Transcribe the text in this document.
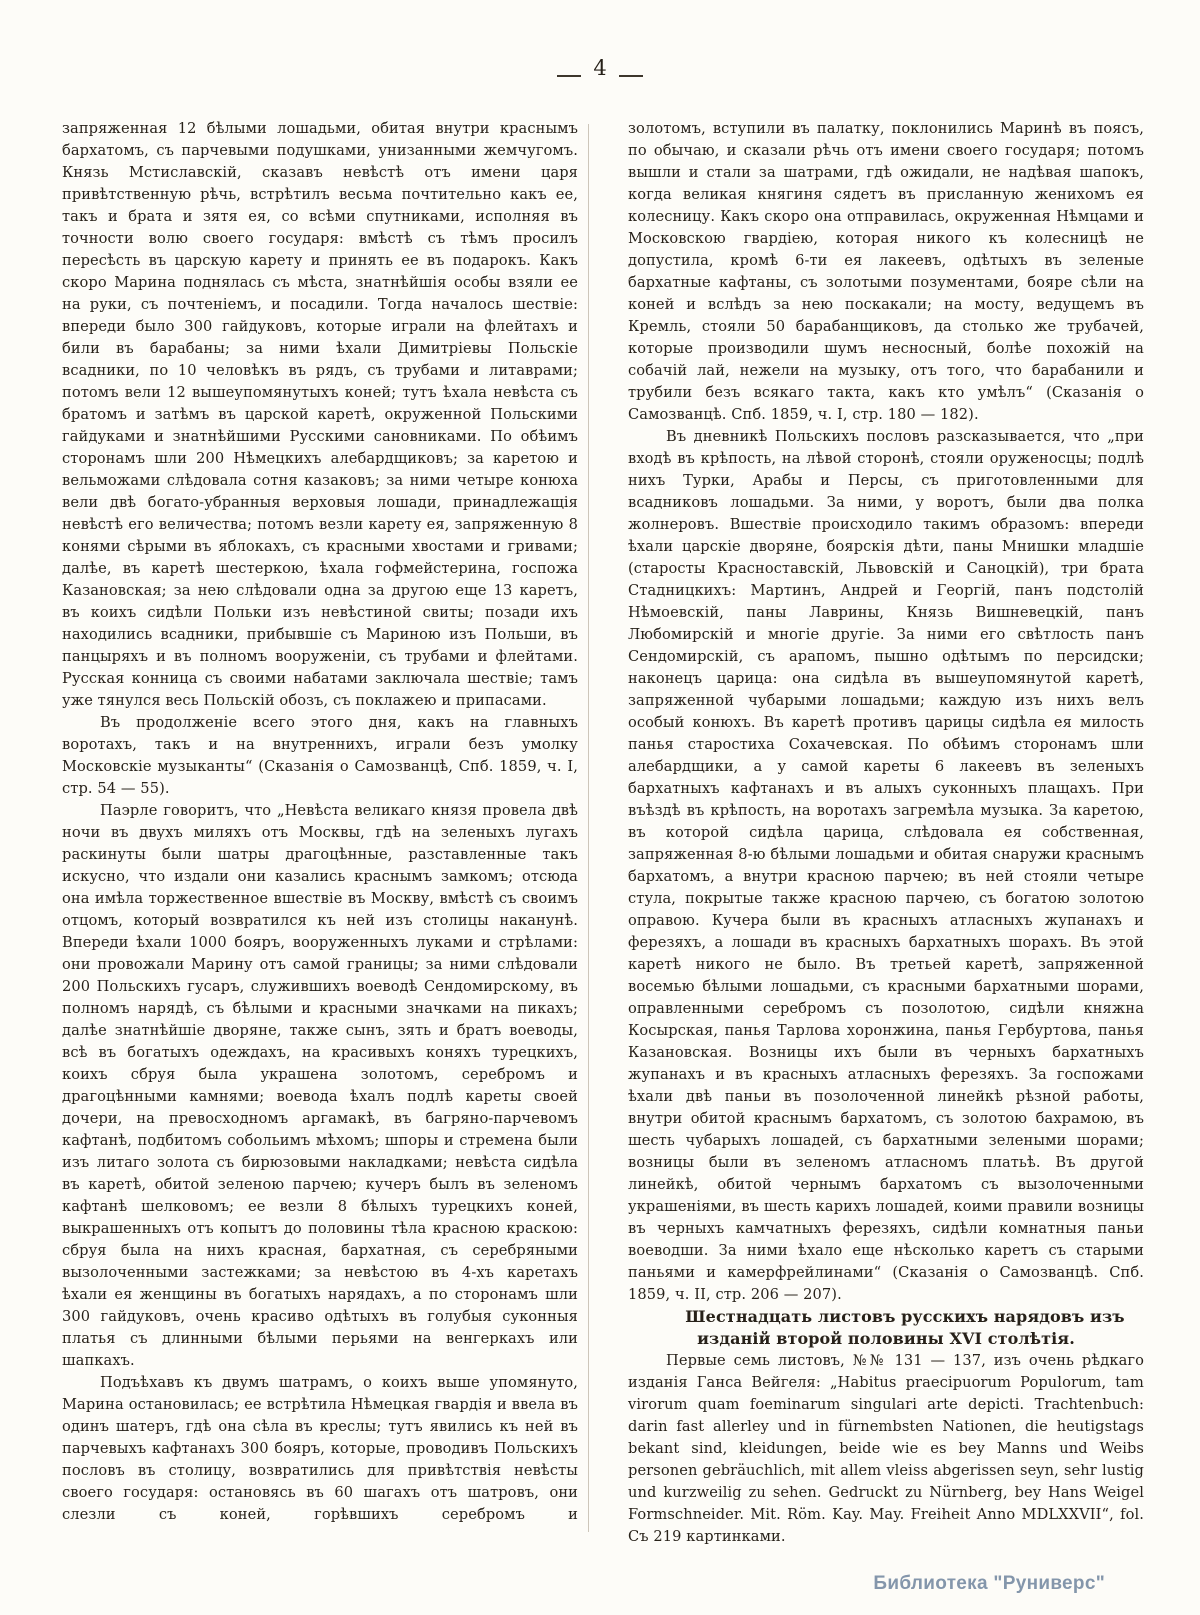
4

запряженная 12 бѣлыми лошадьми, обитая внутри краснымъ бархатомъ, съ парчевыми подушками, унизанными жемчугомъ. Князь Мстиславскій, сказавъ невѣстѣ отъ имени царя привѣтственную рѣчь, встрѣтилъ весьма почтительно какъ ее, такъ и брата и зятя ея, со всѣми спутниками, исполняя въ точности волю своего государя: вмѣстѣ съ тѣмъ просилъ пересѣсть въ царскую карету и принять ее въ подарокъ. Какъ скоро Марина поднялась съ мѣста, знатнѣйшія особы взяли ее на руки, съ почтеніемъ, и посадили. Тогда началось шествіе: впереди было 300 гайдуковъ, которые играли на флейтахъ и били въ барабаны; за ними ѣхали Димитріевы Польскіе всадники, по 10 человѣкъ въ рядъ, съ трубами и литаврами; потомъ вели 12 вышеупомянутыхъ коней; тутъ ѣхала невѣста съ братомъ и затѣмъ въ царской каретѣ, окруженной Польскими гайдуками и знатнѣйшими Русскими сановниками. По обѣимъ сторонамъ шли 200 Нѣмецкихъ алебардщиковъ; за каретою и вельможами слѣдовала сотня казаковъ; за ними четыре конюха вели двѣ богато-убранныя верховыя лошади, принадлежащія невѣстѣ его величества; потомъ везли карету ея, запряженную 8 конями сѣрыми въ яблокахъ, съ красными хвостами и гривами; далѣе, въ каретѣ шестеркою, ѣхала гофмейстерина, госпожа Казановская; за нею слѣдовали одна за другою еще 13 каретъ, въ коихъ сидѣли Польки изъ невѣстиной свиты; позади ихъ находились всадники, прибывшіе съ Мариною изъ Польши, въ панцыряхъ и въ полномъ вооруженіи, съ трубами и флейтами. Русская конница съ своими набатами заключала шествіе; тамъ уже тянулся весь Польскій обозъ, съ поклажею и припасами.

Въ продолженіе всего этого дня, какъ на главныхъ воротахъ, такъ и на внутреннихъ, играли безъ умолку Московскіе музыканты“ (Сказанія о Самозванцѣ, Спб. 1859, ч. I, стр. 54 — 55).

Паэрле говоритъ, что „Невѣста великаго князя провела двѣ ночи въ двухъ миляхъ отъ Москвы, гдѣ на зеленыхъ лугахъ раскинуты были шатры драгоцѣнные, разставленные такъ искусно, что издали они казались краснымъ замкомъ; отсюда она имѣла торжественное вшествіе въ Москву, вмѣстѣ съ своимъ отцомъ, который возвратился къ ней изъ столицы наканунѣ. Впереди ѣхали 1000 бояръ, вооруженныхъ луками и стрѣлами: они провожали Марину отъ самой границы; за ними слѣдовали 200 Польскихъ гусаръ, служившихъ воеводѣ Сендомирскому, въ полномъ нарядѣ, съ бѣлыми и красными значками на пикахъ; далѣе знатнѣйшіе дворяне, также сынъ, зять и братъ воеводы, всѣ въ богатыхъ одеждахъ, на красивыхъ коняхъ турецкихъ, коихъ сбруя была украшена золотомъ, серебромъ и драгоцѣнными камнями; воевода ѣхалъ подлѣ кареты своей дочери, на превосходномъ аргамакѣ, въ багряно-парчевомъ кафтанѣ, подбитомъ собольимъ мѣхомъ; шпоры и стремена были изъ литаго золота съ бирюзовыми накладками; невѣста сидѣла въ каретѣ, обитой зеленою парчею; кучеръ былъ въ зеленомъ кафтанѣ шелковомъ; ее везли 8 бѣлыхъ турецкихъ коней, выкрашенныхъ отъ копытъ до половины тѣла красною краскою: сбруя была на нихъ красная, бархатная, съ серебряными вызолоченными застежками; за невѣстою въ 4-хъ каретахъ ѣхали ея женщины въ богатыхъ нарядахъ, а по сторонамъ шли 300 гайдуковъ, очень красиво одѣтыхъ въ голубыя суконныя платья съ длинными бѣлыми перьями на венгеркахъ или шапкахъ.

Подъѣхавъ къ двумъ шатрамъ, о коихъ выше упомянуто, Марина остановилась; ее встрѣтила Нѣмецкая гвардія и ввела въ одинъ шатеръ, гдѣ она сѣла въ креслы; тутъ явились къ ней въ парчевыхъ кафтанахъ 300 бояръ, которые, проводивъ Польскихъ пословъ въ столицу, возвратились для привѣтствія невѣсты своего государя: остановясь въ 60 шагахъ отъ шатровъ, они слезли съ коней, горѣвшихъ серебромъ и

золотомъ, вступили въ палатку, поклонились Маринѣ въ поясъ, по обычаю, и сказали рѣчь отъ имени своего государя; потомъ вышли и стали за шатрами, гдѣ ожидали, не надѣвая шапокъ, когда великая княгиня сядетъ въ присланную женихомъ ея колесницу. Какъ скоро она отправилась, окруженная Нѣмцами и Московскою гвардіею, которая никого къ колесницѣ не допустила, кромѣ 6-ти ея лакеевъ, одѣтыхъ въ зеленые бархатные кафтаны, съ золотыми позументами, бояре сѣли на коней и вслѣдъ за нею поскакали; на мосту, ведущемъ въ Кремль, стояли 50 барабанщиковъ, да столько же трубачей, которые производили шумъ несносный, болѣе похожій на собачій лай, нежели на музыку, отъ того, что барабанили и трубили безъ всякаго такта, какъ кто умѣлъ“ (Сказанія о Самозванцѣ. Спб. 1859, ч. I, стр. 180 — 182).

Въ дневникѣ Польскихъ пословъ разсказывается, что „при входѣ въ крѣпость, на лѣвой сторонѣ, стояли оруженосцы; подлѣ нихъ Турки, Арабы и Персы, съ приготовленными для всадниковъ лошадьми. За ними, у воротъ, были два полка жолнеровъ. Вшествіе происходило такимъ образомъ: впереди ѣхали царскіе дворяне, боярскія дѣти, паны Мнишки младшіе (старосты Красноставскій, Львовскій и Саноцкій), три брата Стадницкихъ: Мартинъ, Андрей и Георгій, панъ подстолій Нѣмоевскій, паны Лаврины, Князь Вишневецкій, панъ Любомирскій и многіе другіе. За ними его свѣтлость панъ Сендомирскій, съ арапомъ, пышно одѣтымъ по персидски; наконецъ царица: она сидѣла въ вышеупомянутой каретѣ, запряженной чубарыми лошадьми; каждую изъ нихъ велъ особый конюхъ. Въ каретѣ противъ царицы сидѣла ея милость панья старостиха Сохачевская. По обѣимъ сторонамъ шли алебардщики, а у самой кареты 6 лакеевъ въ зеленыхъ бархатныхъ кафтанахъ и въ алыхъ суконныхъ плащахъ. При въѣздѣ въ крѣпость, на воротахъ загремѣла музыка. За каретою, въ которой сидѣла царица, слѣдовала ея собственная, запряженная 8-ю бѣлыми лошадьми и обитая снаружи краснымъ бархатомъ, а внутри красною парчею; въ ней стояли четыре стула, покрытые также красною парчею, съ богатою золотою оправою. Кучера были въ красныхъ атласныхъ жупанахъ и ферезяхъ, а лошади въ красныхъ бархатныхъ шорахъ. Въ этой каретѣ никого не было. Въ третьей каретѣ, запряженной восемью бѣлыми лошадьми, съ красными бархатными шорами, оправленными серебромъ съ позолотою, сидѣли княжна Косырская, панья Тарлова хоронжина, панья Гербуртова, панья Казановская. Возницы ихъ были въ черныхъ бархатныхъ жупанахъ и въ красныхъ атласныхъ ферезяхъ. За госпожами ѣхали двѣ паньи въ позолоченной линейкѣ рѣзной работы, внутри обитой краснымъ бархатомъ, съ золотою бахрамою, въ шесть чубарыхъ лошадей, съ бархатными зелеными шорами; возницы были въ зеленомъ атласномъ платьѣ. Въ другой линейкѣ, обитой чернымъ бархатомъ съ вызолоченными украшеніями, въ шесть карихъ лошадей, коими правили возницы въ черныхъ камчатныхъ ферезяхъ, сидѣли комнатныя паньи воеводши. За ними ѣхало еще нѣсколько каретъ съ старыми паньями и камерфрейлинами“ (Сказанія о Самозванцѣ. Спб. 1859, ч. II, стр. 206 — 207).

Шестнадцать листовъ русскихъ нарядовъ изъ изданій второй половины XVI столѣтія.

Первые семь листовъ, №№ 131 — 137, изъ очень рѣдкаго изданія Ганса Вейгеля: „Habitus praecipuorum Populorum, tam virorum quam foeminarum singulari arte depicti. Trachtenbuch: darin fast allerley und in fürnembsten Nationen, die heutigstags bekant sind, kleidungen, beide wie es bey Manns und Weibs personen gebräuchlich, mit allem vleiss abgerissen seyn, sehr lustig und kurzweilig zu sehen. Gedruckt zu Nürnberg, bey Hans Weigel Formschneider. Mit. Röm. Kay. May. Freiheit Anno MDLXXVII“, fol. Съ 219 картинками.

Библиотека "Руниверс"
